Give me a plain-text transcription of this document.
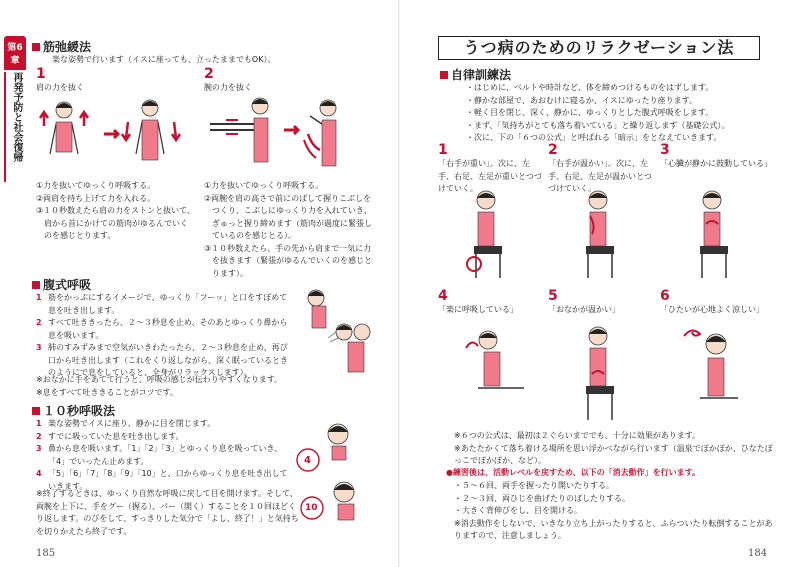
第6章
再発予防と社会復帰
筋弛緩法
楽な姿勢で行います（イスに座っても、立ったままでもOK）。
1
肩の力を抜く
2
腕の力を抜く
①力を抜いてゆっくり呼吸する。
②両肩を持ち上げて力を入れる。
③１０秒数えたら肩の力をストンと抜いて、
　肩から首にかけての筋肉がゆるんでいく
　のを感じとります。
①力を抜いてゆっくり呼吸する。
②両腕を肩の高さで前にのばして握りこぶしを
　つくり、こぶしにゆっくり力を入れていき、
　ぎゅっと握り締めます（筋肉が過度に緊張し
　ているのを感じとる）。
③１０秒数えたら、手の先から肩まで一気に力
　を抜きます（緊張がゆるんでいくのを感じと
　ります）。
腹式呼吸
1 筋をかっぷにするイメージで、ゆっくり「フーッ」と口をすぼめて息を吐き出します。
2 すべて吐ききったら、２～３秒息を止め、そのあとゆっくり鼻から息を吸います。
3 肺のすみずみまで空気がいきわたったら、２～３秒息を止め、再び口から吐き出します（これをくり返しながら、深く眠っているときのようにで息をしていると、全身がリラックスします）。
※おなかに手をあてて行うと、呼吸の感じが伝わりやすくなります。
※息をすべて吐ききることがコツです。
１０秒呼吸法
1 楽な姿勢でイスに座り、静かに目を閉じます。
2 すでに吸っていた息を吐き出します。
3 鼻から息を吸います。「1」「2」「3」とゆっくり息を吸っていき、「4」でいったん止めます。
4 「5」「6」「7」「8」「9」「10」と、口からゆっくり息を吐き出していきます。
※終了するときは、ゆっくり自然な呼吸に戻して目を開けます。そして、両腕を上下に、手をグー（握る）、パー（開く）することを１０回ほどくり返します。のびをして、すっきりした気分で「よし、終了！」と気持ちを切りかえたら終了です。
4
10
185
うつ病のためのリラクゼーション法
自律訓練法
・はじめに、ベルトや時計など、体を締めつけるものをはずします。
・静かな部屋で、あおむけに寝るか、イスにゆったり座ります。
・軽く目を閉じ、深く、静かに、ゆっくりとした腹式呼吸をします。
・まず、「気持ちがとても落ち着いている」と繰り返します（基礎公式）。
・次に、下の「６つの公式」と呼ばれる「暗示」をとなえていきます。
1
「右手が重い」。次に、左手、右足、左足が重いとつづけていく。
2
「右手が温かい」。次に、左手、右足、左足が温かいとつづけていく。
3
「心臓が静かに鼓動している」
4
「楽に呼吸している」
5
「おなかが温かい」
6
「ひたいが心地よく涼しい」
※６つの公式は、最初は２ぐらいまででも、十分に効果があります。
※あたたかくて落ち着ける場所を思い浮かべながら行います（温泉でぽかぽか、ひなたぼっこでぽかぽか、など）。
●練習後は、活動レベルを戻すため、以下の「消去動作」を行います。
・５～６回、両手を握ったり開いたりする。
・２～３回、両ひじを曲げたりのばしたりする。
・大きく背伸びをし、目を開ける。
※消去動作をしないで、いきなり立ち上がったりすると、ふらついたり転倒することがありますので、注意しましょう。
184
